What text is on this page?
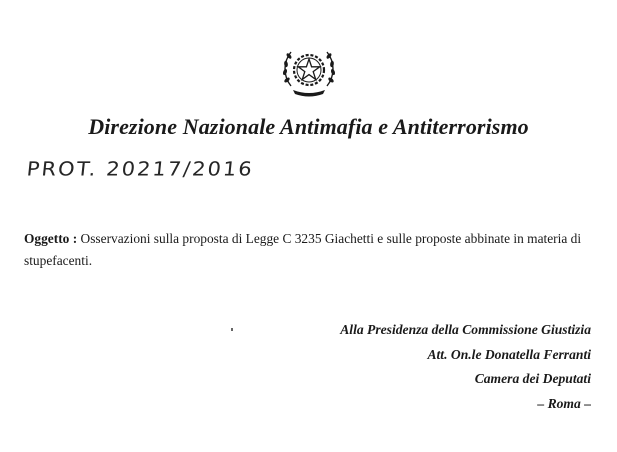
Direzione Nazionale Antimafia e Antiterrorismo
PROT. 20217/2016
Oggetto : Osservazioni sulla proposta di Legge C 3235 Giachetti e sulle proposte abbinate in materia di stupefacenti.
Alla Presidenza della Commissione Giustizia
Att. On.le Donatella Ferranti
Camera dei Deputati
– Roma –
